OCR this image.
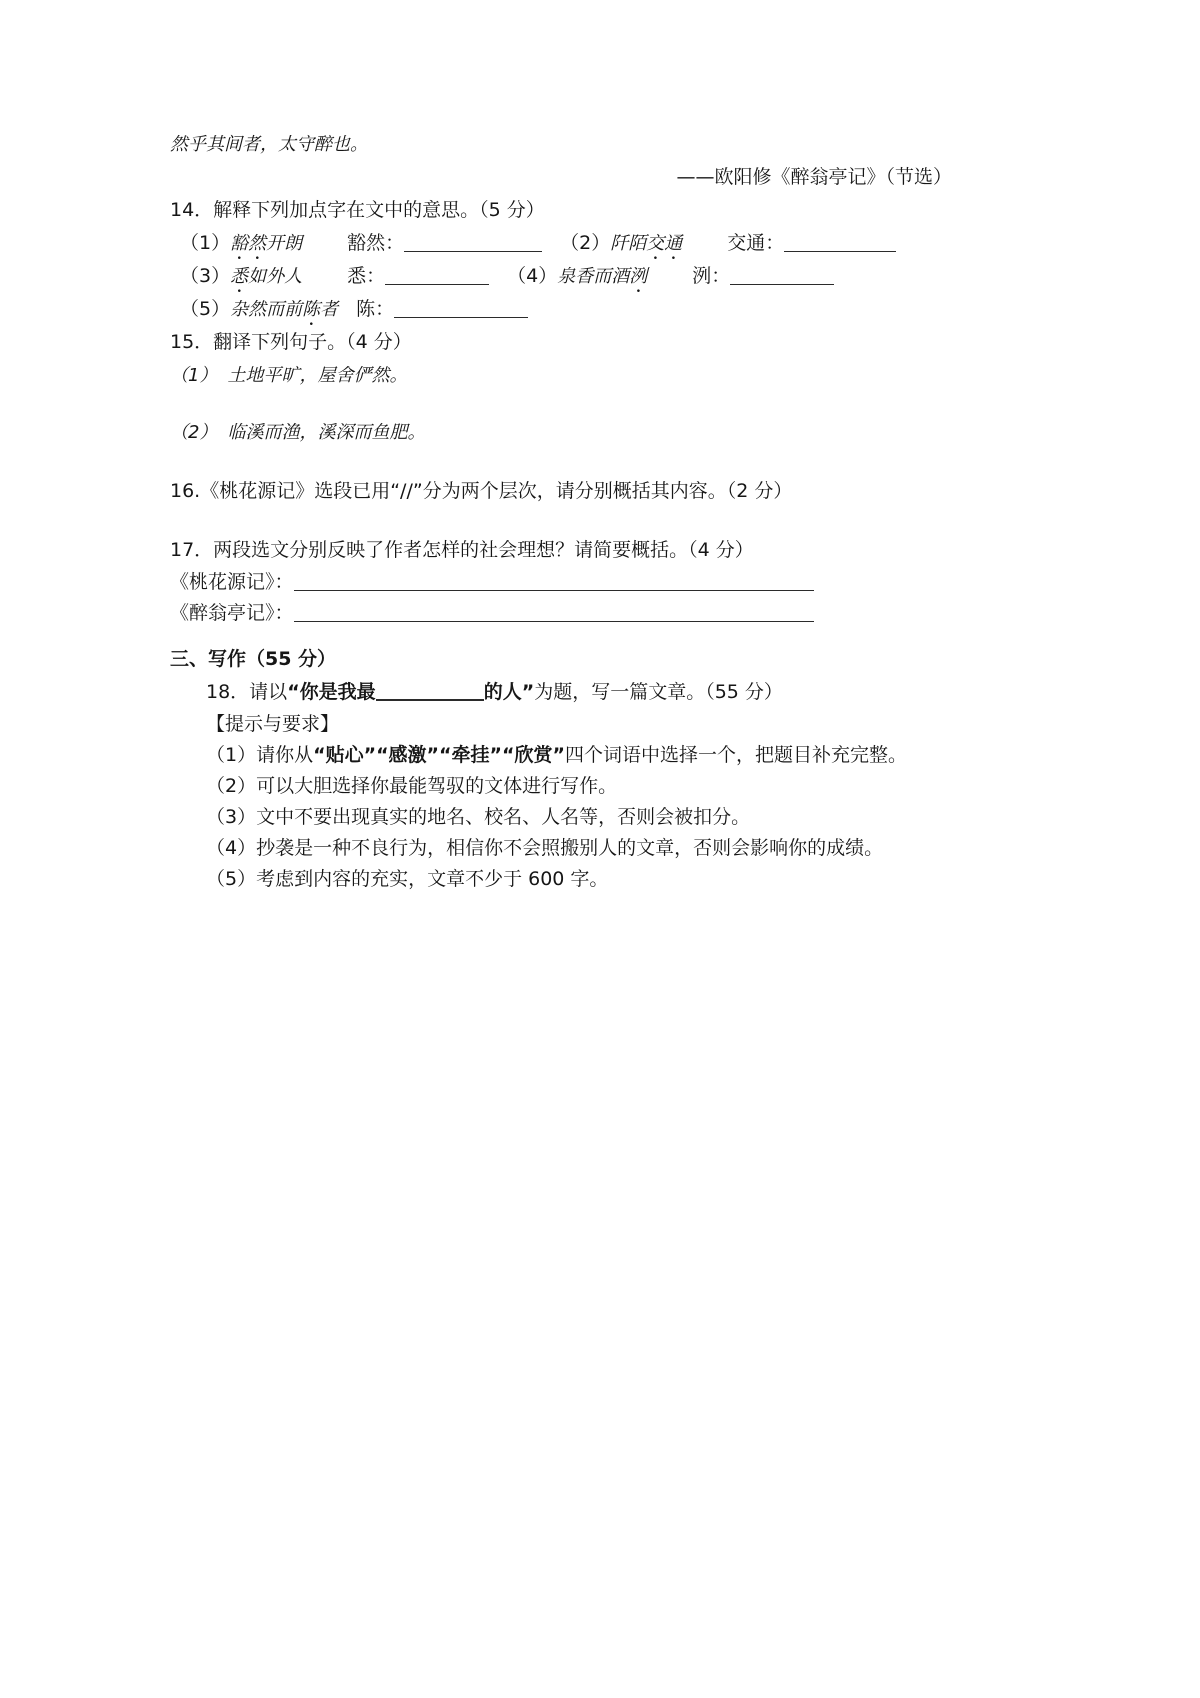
然乎其间者，太守醉也。
——欧阳修《醉翁亭记》（节选）
14．解释下列加点字在文中的意思。（5 分）
（1）豁然开朗 豁然：	（2）阡陌交通 交通：
（3）悉如外人 悉：	（4）泉香而酒洌 洌：
（5）杂然而前陈者 陈：
15．翻译下列句子。（4 分）
（1） 土地平旷，屋舍俨然。
（2） 临溪而渔，溪深而鱼肥。
16.《桃花源记》选段已用“//”分为两个层次，请分别概括其内容。（2 分）
17．两段选文分别反映了作者怎样的社会理想？请简要概括。（4 分）
《桃花源记》：
《醉翁亭记》：
三、写作（55 分）
18．请以“你是我最	的人”为题，写一篇文章。（55 分）
【提示与要求】
（1）请你从“贴心”“感激”“牵挂”“欣赏”四个词语中选择一个，把题目补充完整。
（2）可以大胆选择你最能驾驭的文体进行写作。
（3）文中不要出现真实的地名、校名、人名等，否则会被扣分。
（4）抄袭是一种不良行为，相信你不会照搬别人的文章，否则会影响你的成绩。
（5）考虑到内容的充实，文章不少于 600 字。
